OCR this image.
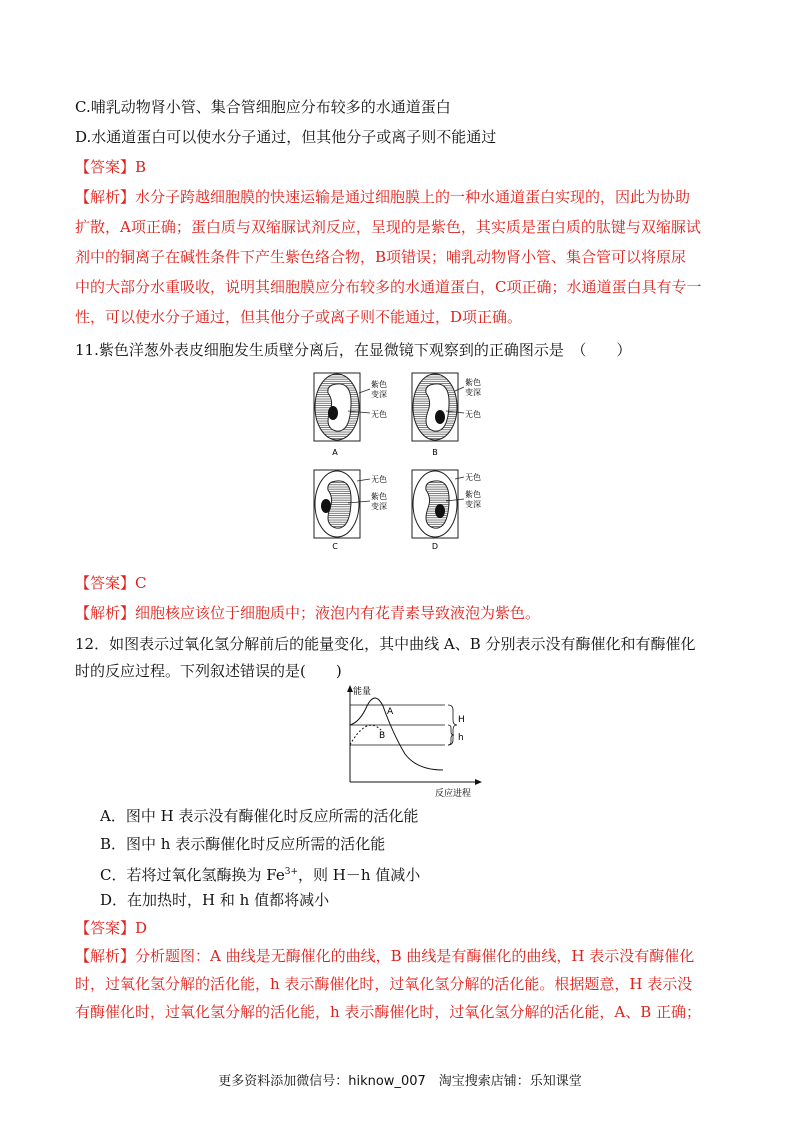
C.哺乳动物肾小管、集合管细胞应分布较多的水通道蛋白
D.水通道蛋白可以使水分子通过，但其他分子或离子则不能通过
【答案】B
【解析】水分子跨越细胞膜的快速运输是通过细胞膜上的一种水通道蛋白实现的，因此为协助
扩散，A项正确；蛋白质与双缩脲试剂反应，呈现的是紫色，其实质是蛋白质的肽键与双缩脲试
剂中的铜离子在碱性条件下产生紫色络合物，B项错误；哺乳动物肾小管、集合管可以将原尿
中的大部分水重吸收，说明其细胞膜应分布较多的水通道蛋白，C项正确；水通道蛋白具有专一
性，可以使水分子通过，但其他分子或离子则不能通过，D项正确。
11.紫色洋葱外表皮细胞发生质壁分离后，在显微镜下观察到的正确图示是　（　　）
紫色
变深
无色
A
紫色
变深
无色
B
无色
紫色
变深
C
无色
紫色
变深
D
【答案】C
【解析】细胞核应该位于细胞质中；液泡内有花青素导致液泡为紫色。
12．如图表示过氧化氢分解前后的能量变化，其中曲线 A、B 分别表示没有酶催化和有酶催化
时的反应过程。下列叙述错误的是(　　)
能量
反应进程
A
B
H
h
A．图中 H 表示没有酶催化时反应所需的活化能
B．图中 h 表示酶催化时反应所需的活化能
C．若将过氧化氢酶换为 $Fe^{3+}$，则 H－h 值减小
D．在加热时，H 和 h 值都将减小
【答案】D
【解析】分析题图：A 曲线是无酶催化的曲线，B 曲线是有酶催化的曲线，H 表示没有酶催化
时，过氧化氢分解的活化能，h 表示酶催化时，过氧化氢分解的活化能。根据题意，H 表示没
有酶催化时，过氧化氢分解的活化能，h 表示酶催化时，过氧化氢分解的活化能，A、B 正确；
更多资料添加微信号：hiknow_007　淘宝搜索店铺：乐知课堂
